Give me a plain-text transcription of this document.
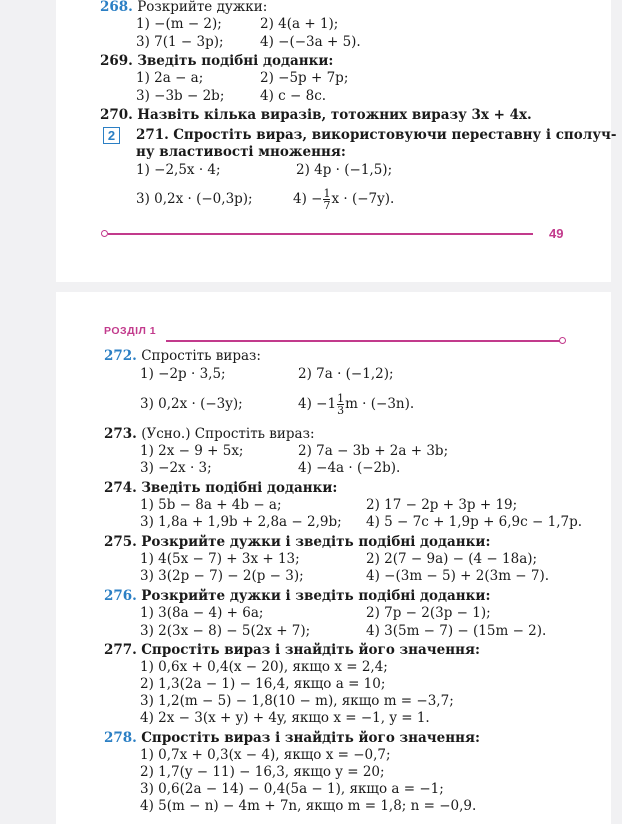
268. Розкрийте дужки:
1) −(m − 2);	2) 4(a + 1);
3) 7(1 − 3p);	4) −(−3a + 5).
269. Зведіть подібні доданки:
1) 2a − a;	2) −5p + 7p;
3) −3b − 2b;	4) c − 8c.
270. Назвіть кілька виразів, тотожних виразу 3x + 4x.
2	271. Спростіть вираз, використовуючи переставну і сполуч-
ну властивості множення:
1) −2,5x · 4;	2) 4p · (−1,5);
3) 0,2x · (−0,3p);	$4) - \frac{1}{7}$ x · (−7y).
49
РОЗДІЛ 1
272. Спростіть вираз:
1) −2p · 3,5;	2) 7a · (−1,2);
3) 0,2x · (−3y);	$4) -1 \frac{1}{3}$ m · (−3n).
273. (Усно.) Спростіть вираз:
1) 2x − 9 + 5x;	2) 7a − 3b + 2a + 3b;
3) −2x · 3;	4) −4a · (−2b).
274. Зведіть подібні доданки:
1) 5b − 8a + 4b − a;	2) 17 − 2p + 3p + 19;
3) 1,8a + 1,9b + 2,8a − 2,9b; 4) 5 − 7c + 1,9p + 6,9c − 1,7p.
275. Розкрийте дужки і зведіть подібні доданки:
1) 4(5x − 7) + 3x + 13;	2) 2(7 − 9a) − (4 − 18a);
3) 3(2p − 7) − 2(p − 3);	4) −(3m − 5) + 2(3m − 7).
276. Розкрийте дужки і зведіть подібні доданки:
1) 3(8a − 4) + 6a;	2) 7p − 2(3p − 1);
3) 2(3x − 8) − 5(2x + 7);	4) 3(5m − 7) − (15m − 2).
277. Спростіть вираз і знайдіть його значення:
1) 0,6x + 0,4(x − 20), якщо x = 2,4;
2) 1,3(2a − 1) − 16,4, якщо a = 10;
3) 1,2(m − 5) − 1,8(10 − m), якщо m = −3,7;
4) 2x − 3(x + y) + 4y, якщо x = −1, y = 1.
278. Спростіть вираз і знайдіть його значення:
1) 0,7x + 0,3(x − 4), якщо x = −0,7;
2) 1,7(y − 11) − 16,3, якщо y = 20;
3) 0,6(2a − 14) − 0,4(5a − 1), якщо a = −1;
4) 5(m − n) − 4m + 7n, якщо m = 1,8; n = −0,9.
